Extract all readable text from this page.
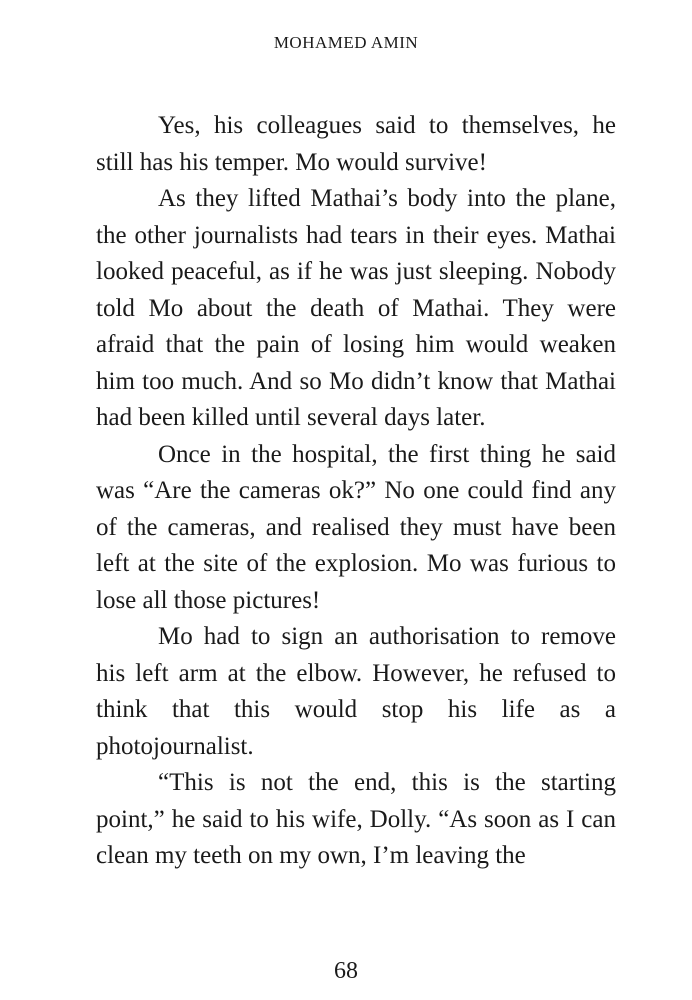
MOHAMED AMIN

Yes, his colleagues said to themselves, he still has his temper. Mo would survive!

As they lifted Mathai’s body into the plane, the other journalists had tears in their eyes. Mathai looked peaceful, as if he was just sleeping. Nobody told Mo about the death of Mathai. They were afraid that the pain of losing him would weaken him too much. And so Mo didn’t know that Mathai had been killed until several days later.

Once in the hospital, the first thing he said was “Are the cameras ok?” No one could find any of the cameras, and realised they must have been left at the site of the explosion. Mo was furious to lose all those pictures!

Mo had to sign an authorisation to remove his left arm at the elbow. However, he refused to think that this would stop his life as a photojournalist.

“This is not the end, this is the starting point,” he said to his wife, Dolly. “As soon as I can clean my teeth on my own, I’m leaving the

68
